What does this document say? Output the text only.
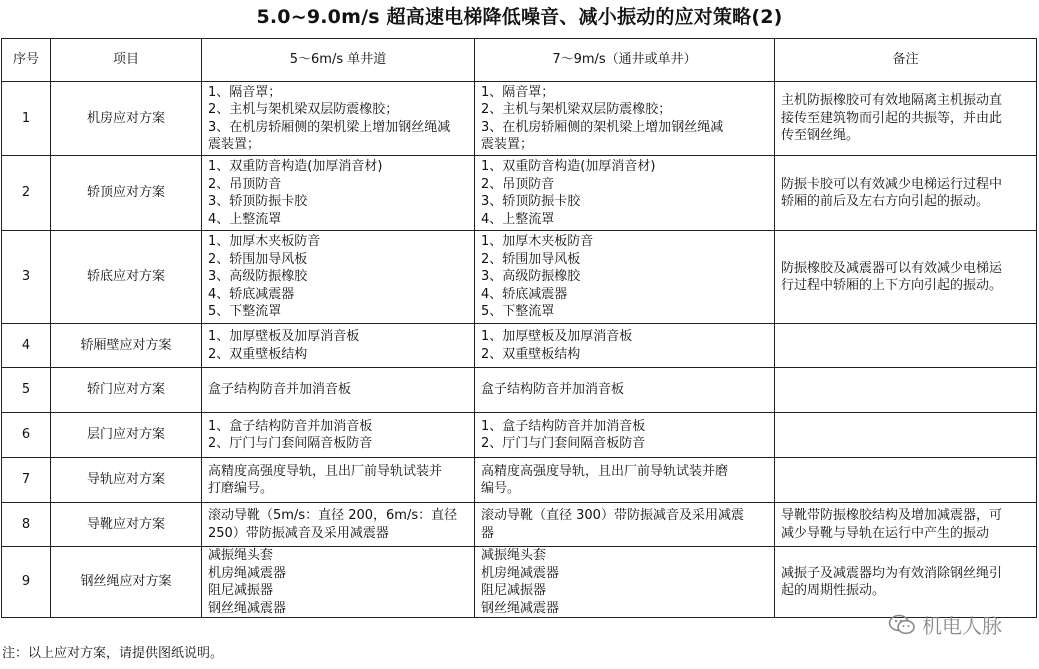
5.0~9.0m/s 超高速电梯降低噪音、减小振动的应对策略(2)
序号	项目	5～6m/s 单井道	7～9m/s（通井或单井）	备注
1	机房应对方案	1、隔音罩；
2、主机与架机梁双层防震橡胶；
3、在机房轿厢侧的架机梁上增加钢丝绳减
震装置；	1、隔音罩；
2、主机与架机梁双层防震橡胶；
3、在机房轿厢侧的架机梁上增加钢丝绳减
震装置；	主机防振橡胶可有效地隔离主机振动直
接传至建筑物而引起的共振等，并由此
传至钢丝绳。

2	轿顶应对方案	1、双重防音构造(加厚消音材)
2、吊顶防音
3、轿顶防振卡胶
4、上整流罩	1、双重防音构造(加厚消音材)
2、吊顶防音
3、轿顶防振卡胶
4、上整流罩	防振卡胶可以有效减少电梯运行过程中
轿厢的前后及左右方向引起的振动。

3	轿底应对方案	1、加厚木夹板防音
2、轿围加导风板
3、高级防振橡胶
4、轿底减震器
5、下整流罩	1、加厚木夹板防音
2、轿围加导风板
3、高级防振橡胶
4、轿底减震器
5、下整流罩	防振橡胶及减震器可以有效减少电梯运
行过程中轿厢的上下方向引起的振动。

4	轿厢壁应对方案	1、加厚壁板及加厚消音板
2、双重壁板结构	1、加厚壁板及加厚消音板
2、双重壁板结构	

5	轿门应对方案	盒子结构防音并加消音板	盒子结构防音并加消音板	

6	层门应对方案	1、盒子结构防音并加消音板
2、厅门与门套间隔音板防音	1、盒子结构防音并加消音板
2、厅门与门套间隔音板防音	

7	导轨应对方案	高精度高强度导轨，且出厂前导轨试装并
打磨编号。	高精度高强度导轨，且出厂前导轨试装并磨
编号。	

8	导靴应对方案	滚动导靴（5m/s：直径 200，6m/s：直径
250）带防振减音及采用减震器	滚动导靴（直径 300）带防振减音及采用减震
器	导靴带防振橡胶结构及增加减震器，可
减少导靴与导轨在运行中产生的振动

9	钢丝绳应对方案	减振绳头套
机房绳减震器
阻尼减振器
钢丝绳减震器	减振绳头套
机房绳减震器
阻尼减振器
钢丝绳减震器	减振子及减震器均为有效消除钢丝绳引
起的周期性振动。
注：以上应对方案，请提供图纸说明。
机电人脉
